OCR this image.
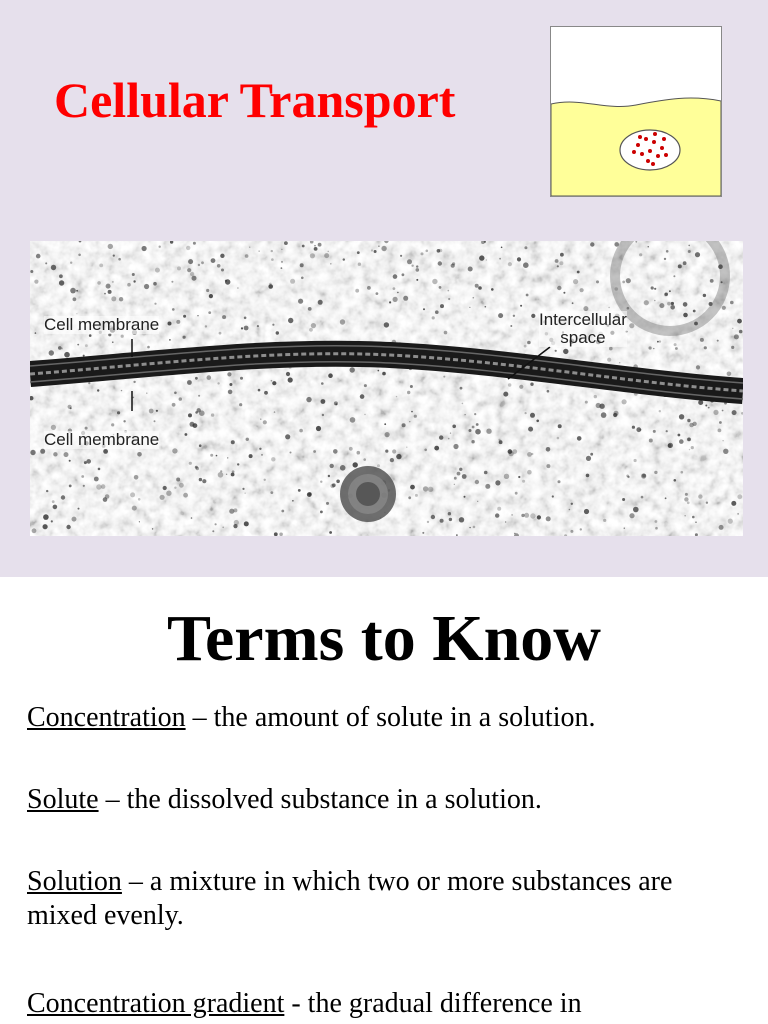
Cellular Transport
Cell membrane
Cell membrane
Intercellular
space
Terms to Know
Concentration – the amount of solute in a solution.
Solute – the dissolved substance in a solution.
Solution – a mixture in which two or more substances are mixed evenly.
Concentration gradient - the gradual difference in
